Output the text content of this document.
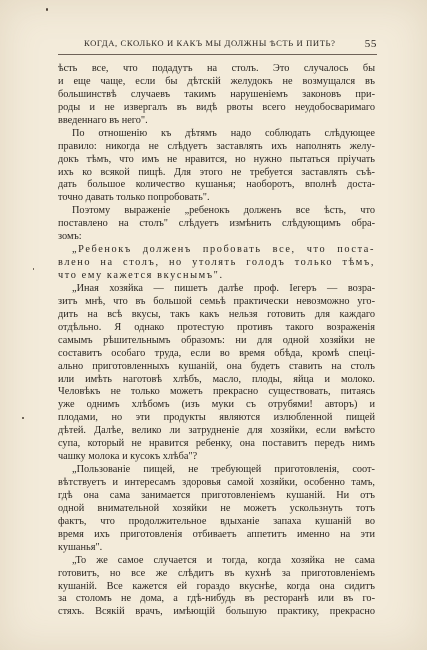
КОГДА, СКОЛЬКО И КАКЪ МЫ ДОЛЖНЫ ѢСТЬ И ПИТЬ?	55
ѣсть все, что подадутъ на столъ. Это случалось бы
и еще чаще, если бы дѣтскій желудокъ не возмущался въ
большинствѣ случаевъ такимъ нарушеніемъ законовъ при-
роды и не извергалъ въ видѣ рвоты всего неудобосваримаго
введеннаго въ него".
По отношенію къ дѣтямъ надо соблюдать слѣдующее
правило: никогда не слѣдуетъ заставлять ихъ наполнять желу-
докъ тѣмъ, что имъ не нравится, но нужно пытаться пріучать
ихъ ко всякой пищѣ. Для этого не требуется заставлять съѣ-
дать большое количество кушанья; наоборотъ, вполнѣ доста-
точно давать только попробовать".
Поэтому выраженіе „ребенокъ долженъ все ѣсть, что
поставлено на столъ" слѣдуетъ измѣнить слѣдующимъ обра-
зомъ:
„Ребенокъ долженъ пробовать все, что поста-
влено на столъ, но утолять голодъ только тѣмъ,
что ему кажется вкуснымъ".
„Иная хозяйка — пишетъ далѣе проф. Iегеръ — возра-
зитъ мнѣ, что въ большой семьѣ практически невозможно уго-
дить на всѣ вкусы, такъ какъ нельзя готовить для каждаго
отдѣльно. Я однако протестую противъ такого возраженія
самымъ рѣшительнымъ образомъ: ни для одной хозяйки не
составитъ особаго труда, если во время обѣда, кромѣ спеці-
ально приготовленныхъ кушаній, она будетъ ставить на столъ
или имѣть наготовѣ хлѣбъ, масло, плоды, яйца и молоко.
Человѣкъ не только можетъ прекрасно существовать, питаясь
уже однимъ хлѣбомъ (изъ муки съ отрубями! авторъ) и
плодами, но эти продукты являются излюбленной пищей
дѣтей. Далѣе, велико ли затрудненіе для хозяйки, если вмѣсто
супа, который не нравится ребенку, она поставитъ передъ нимъ
чашку молока и кусокъ хлѣба"?
„Пользованіе пищей, не требующей приготовленія, соот-
вѣтствуетъ и интересамъ здоровья самой хозяйки, особенно тамъ,
гдѣ она сама занимается приготовленіемъ кушаній. Ни отъ
одной внимательной хозяйки не можетъ ускользнуть тотъ
фактъ, что продолжительное вдыханіе запаха кушаній во
время ихъ приготовленія отбиваетъ аппетитъ именно на эти
кушанья".
„То же самое случается и тогда, когда хозяйка не сама
готовитъ, но все же слѣдитъ въ кухнѣ за приготовленіемъ
кушаній. Все кажется ей гораздо вкуснѣе, когда она сидитъ
за столомъ не дома, а гдѣ-нибудь въ ресторанѣ или въ го-
стяхъ. Всякій врачъ, имѣющій большую практику, прекрасно
